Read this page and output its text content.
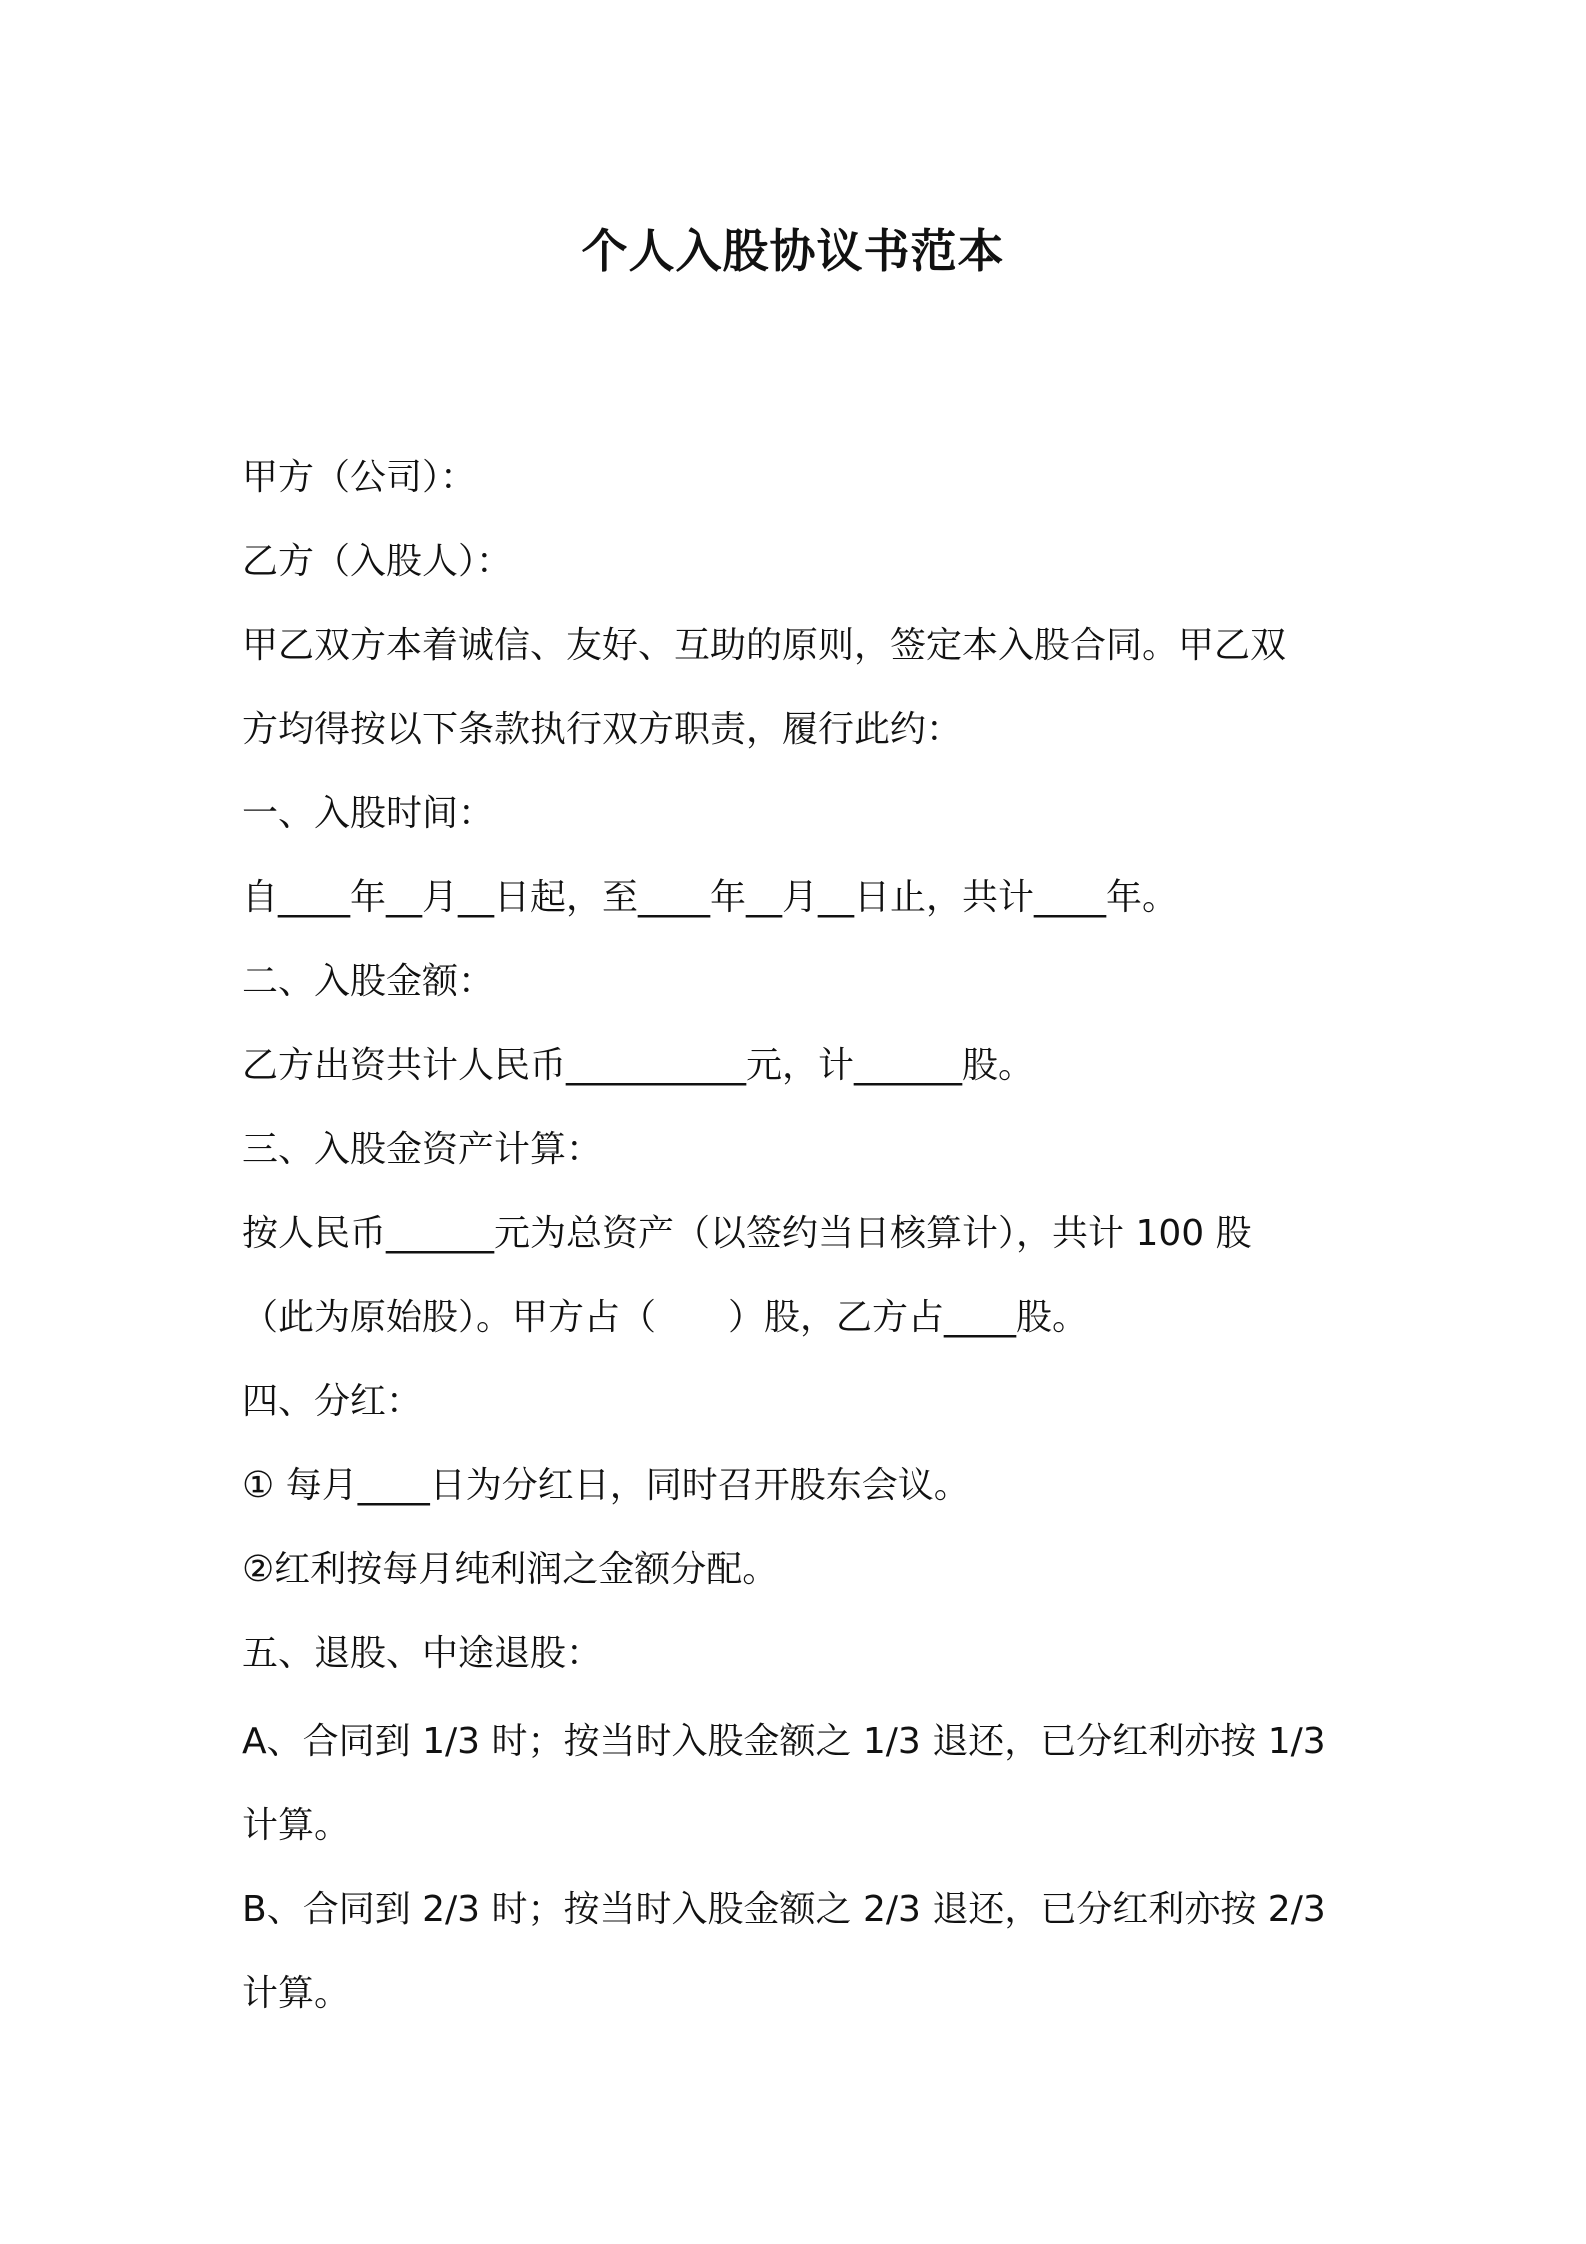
个人入股协议书范本

甲方（公司）：

乙方（入股人）：

甲乙双方本着诚信、友好、互助的原则，签定本入股合同。甲乙双

方均得按以下条款执行双方职责，履行此约：

一、入股时间：

自____年__月__日起，至____年__月__日止，共计____年。

二、入股金额：

乙方出资共计人民币__________元，计______股。

三、入股金资产计算：

按人民币______元为总资产（以签约当日核算计），共计 100 股

（此为原始股）。甲方占（　　）股，乙方占____股。

四、分红：

① 每月____日为分红日，同时召开股东会议。

②红利按每月纯利润之金额分配。

五、退股、中途退股：

A、合同到 1/3 时；按当时入股金额之 1/3 退还，已分红利亦按 1/3

计算。

B、合同到 2/3 时；按当时入股金额之 2/3 退还，已分红利亦按 2/3

计算。
